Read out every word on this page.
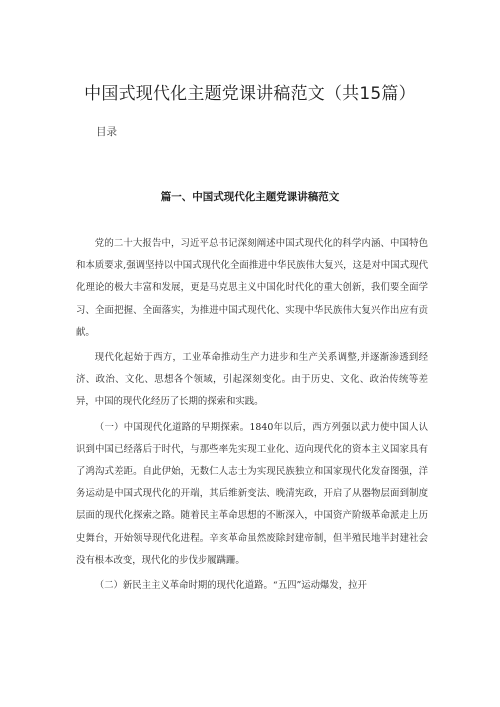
中国式现代化主题党课讲稿范文（共15篇）
目录
篇一、中国式现代化主题党课讲稿范文

党的二十大报告中，习近平总书记深刻阐述中国式现代化的科学内涵、中国特色和本质要求,强调坚持以中国式现代化全面推进中华民族伟大复兴，这是对中国式现代化理论的极大丰富和发展，更是马克思主义中国化时代化的重大创新，我们要全面学习、全面把握、全面落实，为推进中国式现代化、实现中华民族伟大复兴作出应有贡献。

现代化起始于西方，工业革命推动生产力进步和生产关系调整,并逐渐渗透到经济、政治、文化、思想各个领域，引起深刻变化。由于历史、文化、政治传统等差异，中国的现代化经历了长期的探索和实践。

（一）中国现代化道路的早期探索。1840年以后，西方列强以武力使中国人认识到中国已经落后于时代，与那些率先实现工业化、迈向现代化的资本主义国家具有了鸿沟式差距。自此伊始，无数仁人志士为实现民族独立和国家现代化发奋图强，洋务运动是中国式现代化的开端，其后维新变法、晚清宪政，开启了从器物层面到制度层面的现代化探索之路。随着民主革命思想的不断深入，中国资产阶级革命派走上历史舞台，开始领导现代化进程。辛亥革命虽然废除封建帝制，但半殖民地半封建社会没有根本改变，现代化的步伐步履蹒跚。

（二）新民主主义革命时期的现代化道路。“五四”运动爆发，拉开
